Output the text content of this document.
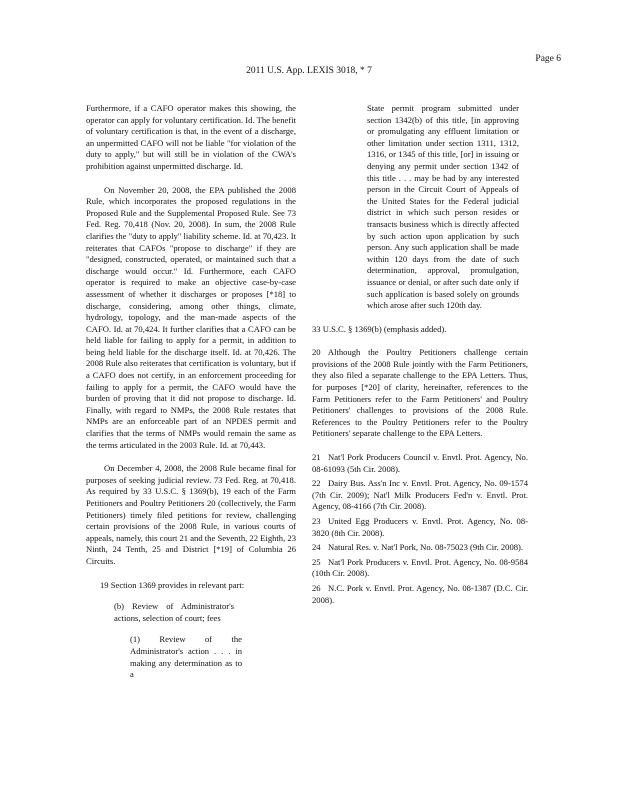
Page 6
2011 U.S. App. LEXIS 3018, * 7

Furthermore, if a CAFO operator makes this showing, the operator can apply for voluntary certification. Id. The benefit of voluntary certification is that, in the event of a discharge, an unpermitted CAFO will not be liable "for violation of the duty to apply," but will still be in violation of the CWA's prohibition against unpermitted discharge. Id.

On November 20, 2008, the EPA published the 2008 Rule, which incorporates the proposed regulations in the Proposed Rule and the Supplemental Proposed Rule. See 73 Fed. Reg. 70,418 (Nov. 20, 2008). In sum, the 2008 Rule clarifies the "duty to apply" liability scheme. Id. at 70,423. It reiterates that CAFOs "propose to discharge" if they are "designed, constructed, operated, or maintained such that a discharge would occur." Id. Furthermore, each CAFO operator is required to make an objective case-by-case assessment of whether it discharges or proposes [*18] to discharge, considering, among other things, climate, hydrology, topology, and the man-made aspects of the CAFO. Id. at 70,424. It further clarifies that a CAFO can be held liable for failing to apply for a permit, in addition to being held liable for the discharge itself. Id. at 70,426. The 2008 Rule also reiterates that certification is voluntary, but if a CAFO does not certify, in an enforcement proceeding for failing to apply for a permit, the CAFO would have the burden of proving that it did not propose to discharge. Id. Finally, with regard to NMPs, the 2008 Rule restates that NMPs are an enforceable part of an NPDES permit and clarifies that the terms of NMPs would remain the same as the terms articulated in the 2003 Rule. Id. at 70,443.

On December 4, 2008, the 2008 Rule became final for purposes of seeking judicial review. 73 Fed. Reg. at 70,418. As required by 33 U.S.C. § 1369(b), 19 each of the Farm Petitioners and Poultry Petitioners 20 (collectively, the Farm Petitioners) timely filed petitions for review, challenging certain provisions of the 2008 Rule, in various courts of appeals, namely, this court 21 and the Seventh, 22 Eighth, 23 Ninth, 24 Tenth, 25 and District [*19] of Columbia 26 Circuits.

19 Section 1369 provides in relevant part:

(b) Review of Administrator's actions, selection of court; fees

(1) Review of the Administrator's action . . . in making any determination as to a

State permit program submitted under section 1342(b) of this title, [in approving or promulgating any effluent limitation or other limitation under section 1311, 1312, 1316, or 1345 of this title, [or] in issuing or denying any permit under section 1342 of this title . . . may be had by any interested person in the Circuit Court of Appeals of the United States for the Federal judicial district in which such person resides or transacts business which is directly affected by such action upon application by such person. Any such application shall be made within 120 days from the date of such determination, approval, promulgation, issuance or denial, or after such date only if such application is based solely on grounds which arose after such 120th day.

33 U.S.C. § 1369(b) (emphasis added).

20 Although the Poultry Petitioners challenge certain provisions of the 2008 Rule jointly with the Farm Petitioners, they also filed a separate challenge to the EPA Letters. Thus, for purposes [*20] of clarity, hereinafter, references to the Farm Petitioners refer to the Farm Petitioners' and Poultry Petitioners' challenges to provisions of the 2008 Rule. References to the Poultry Petitioners refer to the Poultry Petitioners' separate challenge to the EPA Letters.

21 Nat'l Pork Producers Council v. Envtl. Prot. Agency, No. 08-61093 (5th Cir. 2008).
22 Dairy Bus. Ass'n Inc v. Envtl. Prot. Agency, No. 09-1574 (7th Cir. 2009); Nat'l Milk Producers Fed'n v. Envtl. Prot. Agency, 08-4166 (7th Cir. 2008).
23 United Egg Producers v. Envtl. Prot. Agency, No. 08-3820 (8th Cir. 2008).
24 Natural Res. v. Nat'l Pork, No. 08-75023 (9th Cir. 2008).
25 Nat'l Pork Producers v. Envtl. Prot. Agency, No. 08-9584 (10th Cir. 2008).
26 N.C. Pork v. Envtl. Prot. Agency, No. 08-1387 (D.C. Cir. 2008).
